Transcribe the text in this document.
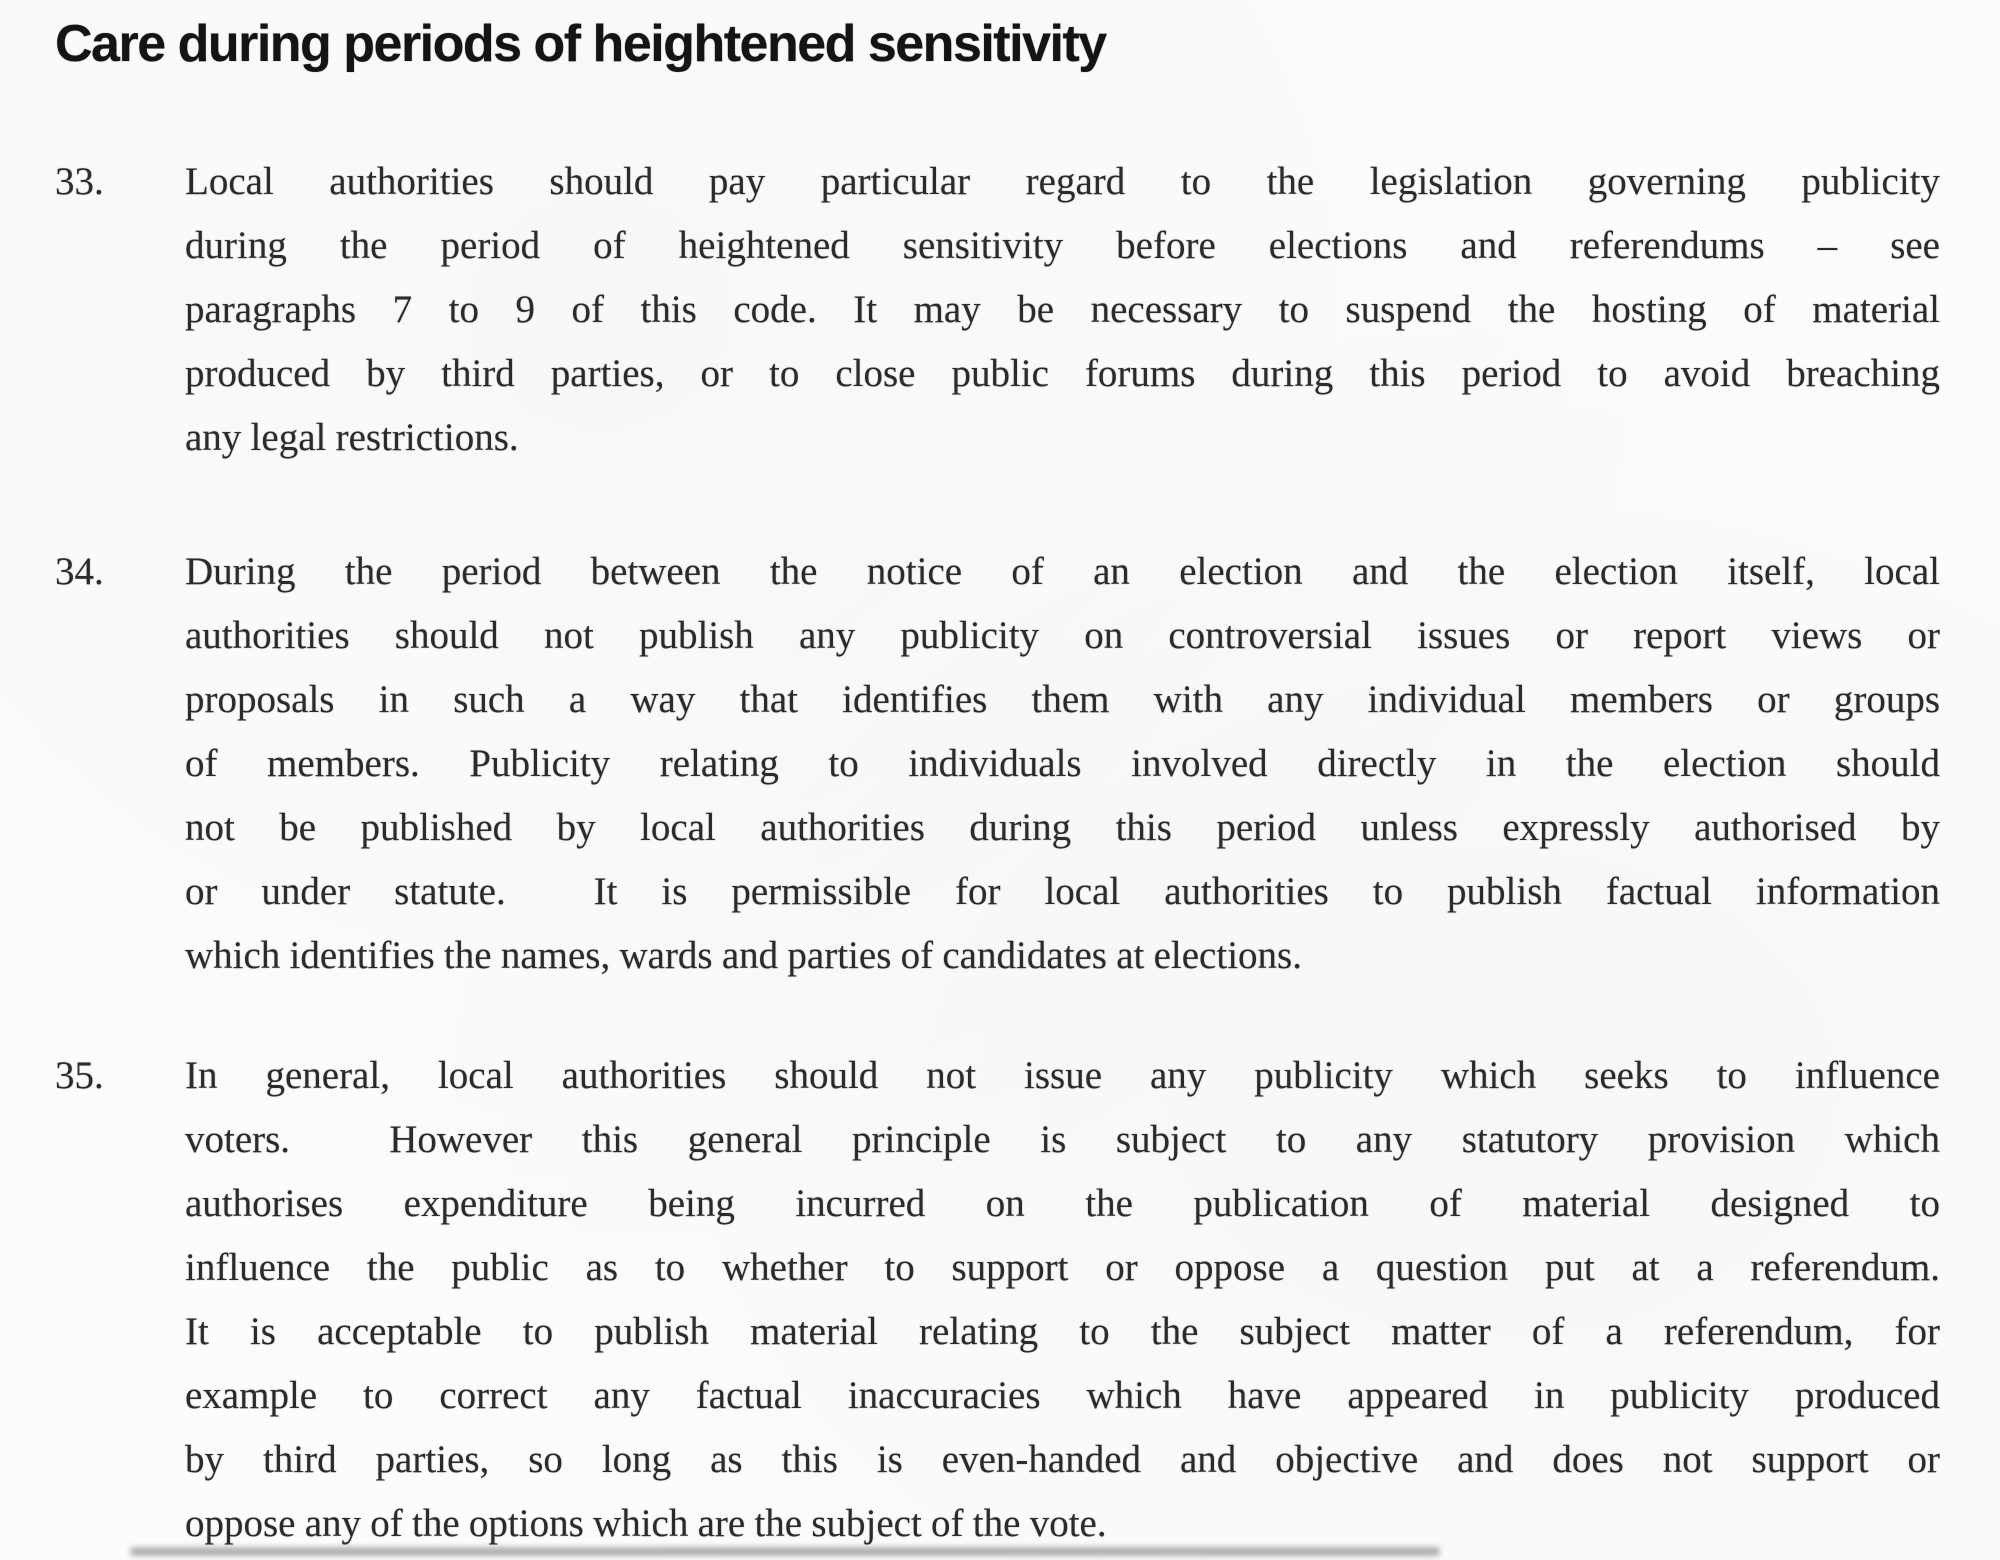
Care during periods of heightened sensitivity
33.	Local authorities should pay particular regard to the legislation governing publicity
during the period of heightened sensitivity before elections and referendums – see
paragraphs 7 to 9 of this code. It may be necessary to suspend the hosting of material
produced by third parties, or to close public forums during this period to avoid breaching
any legal restrictions.
34.	During the period between the notice of an election and the election itself, local
authorities should not publish any publicity on controversial issues or report views or
proposals in such a way that identifies them with any individual members or groups
of members. Publicity relating to individuals involved directly in the election should
not be published by local authorities during this period unless expressly authorised by
or under statute.  It is permissible for local authorities to publish factual information
which identifies the names, wards and parties of candidates at elections.
35.	In general, local authorities should not issue any publicity which seeks to influence
voters.  However this general principle is subject to any statutory provision which
authorises expenditure being incurred on the publication of material designed to
influence the public as to whether to support or oppose a question put at a referendum.
It is acceptable to publish material relating to the subject matter of a referendum, for
example to correct any factual inaccuracies which have appeared in publicity produced
by third parties, so long as this is even-handed and objective and does not support or
oppose any of the options which are the subject of the vote.
